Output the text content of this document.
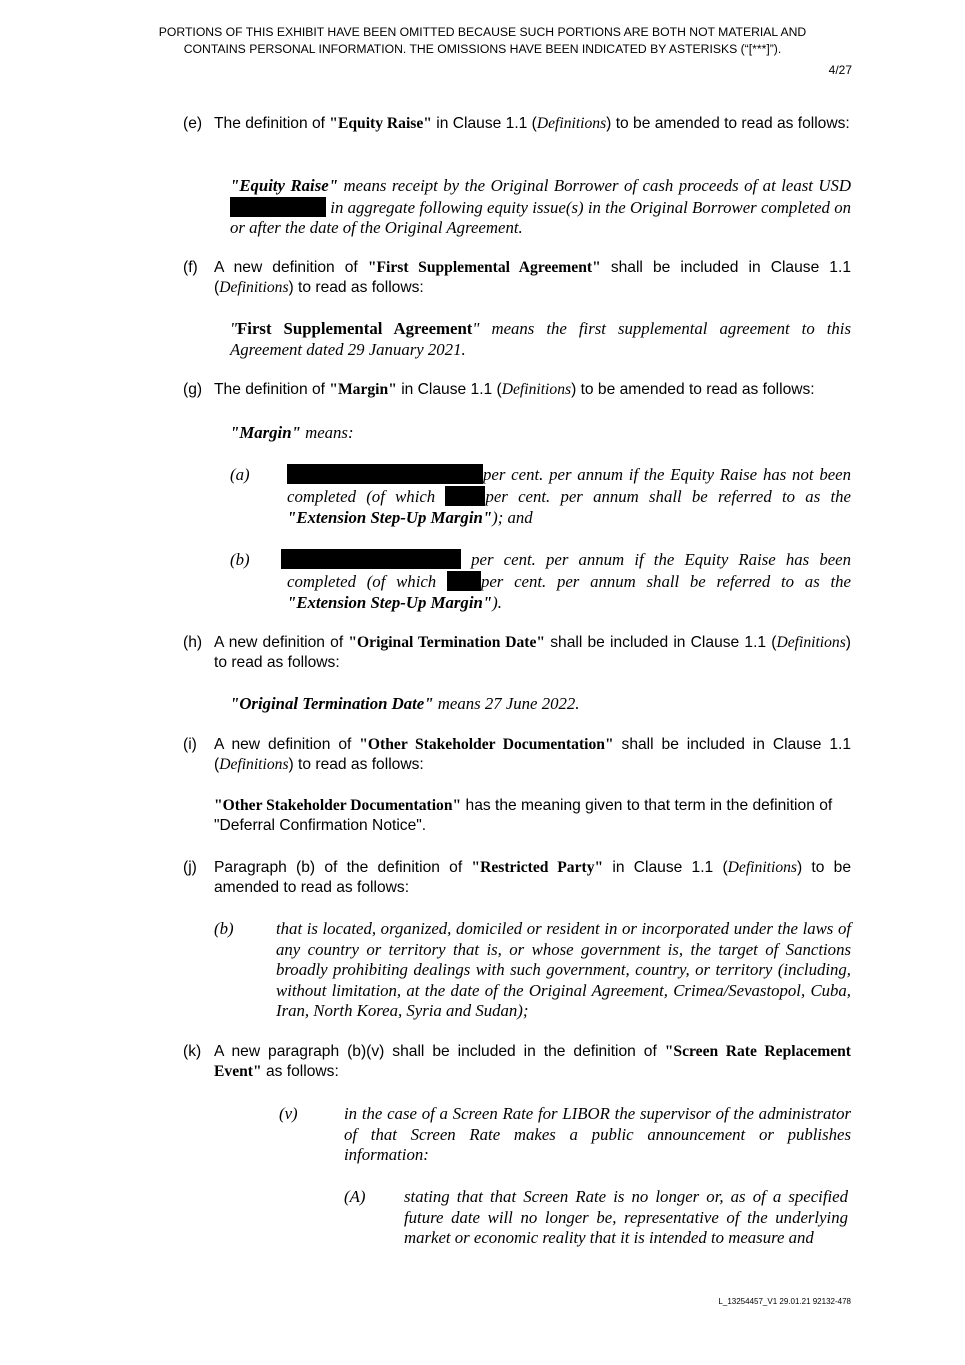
PORTIONS OF THIS EXHIBIT HAVE BEEN OMITTED BECAUSE SUCH PORTIONS ARE BOTH NOT MATERIAL AND
CONTAINS PERSONAL INFORMATION. THE OMISSIONS HAVE BEEN INDICATED BY ASTERISKS (“[***]”).
4/27
(e) The definition of "Equity Raise" in Clause 1.1 (Definitions) to be amended to read as follows:
"Equity Raise" means receipt by the Original Borrower of cash proceeds of at least USD in aggregate following equity issue(s) in the Original Borrower completed on or after the date of the Original Agreement.
(f) A new definition of "First Supplemental Agreement" shall be included in Clause 1.1 (Definitions) to read as follows:
"First Supplemental Agreement" means the first supplemental agreement to this Agreement dated 29 January 2021.
(g) The definition of "Margin" in Clause 1.1 (Definitions) to be amended to read as follows:
"Margin" means:
(a)	per cent. per annum if the Equity Raise has not been completed (of which per cent. per annum shall be referred to as the "Extension Step-Up Margin"); and
(b)	per cent. per annum if the Equity Raise has been completed (of which per cent. per annum shall be referred to as the "Extension Step-Up Margin").
(h) A new definition of "Original Termination Date" shall be included in Clause 1.1 (Definitions) to read as follows:
"Original Termination Date" means 27 June 2022.
(i) A new definition of "Other Stakeholder Documentation" shall be included in Clause 1.1 (Definitions) to read as follows:
"Other Stakeholder Documentation" has the meaning given to that term in the definition of "Deferral Confirmation Notice".
(j) Paragraph (b) of the definition of "Restricted Party" in Clause 1.1 (Definitions) to be amended to read as follows:
(b)	that is located, organized, domiciled or resident in or incorporated under the laws of any country or territory that is, or whose government is, the target of Sanctions broadly prohibiting dealings with such government, country, or territory (including, without limitation, at the date of the Original Agreement, Crimea/Sevastopol, Cuba, Iran, North Korea, Syria and Sudan);
(k) A new paragraph (b)(v) shall be included in the definition of "Screen Rate Replacement Event" as follows:
(v)	in the case of a Screen Rate for LIBOR the supervisor of the administrator of that Screen Rate makes a public announcement or publishes information:
(A) stating that that Screen Rate is no longer or, as of a specified future date will no longer be, representative of the underlying market or economic reality that it is intended to measure and
L_13254457_V1 29.01.21 92132-478
